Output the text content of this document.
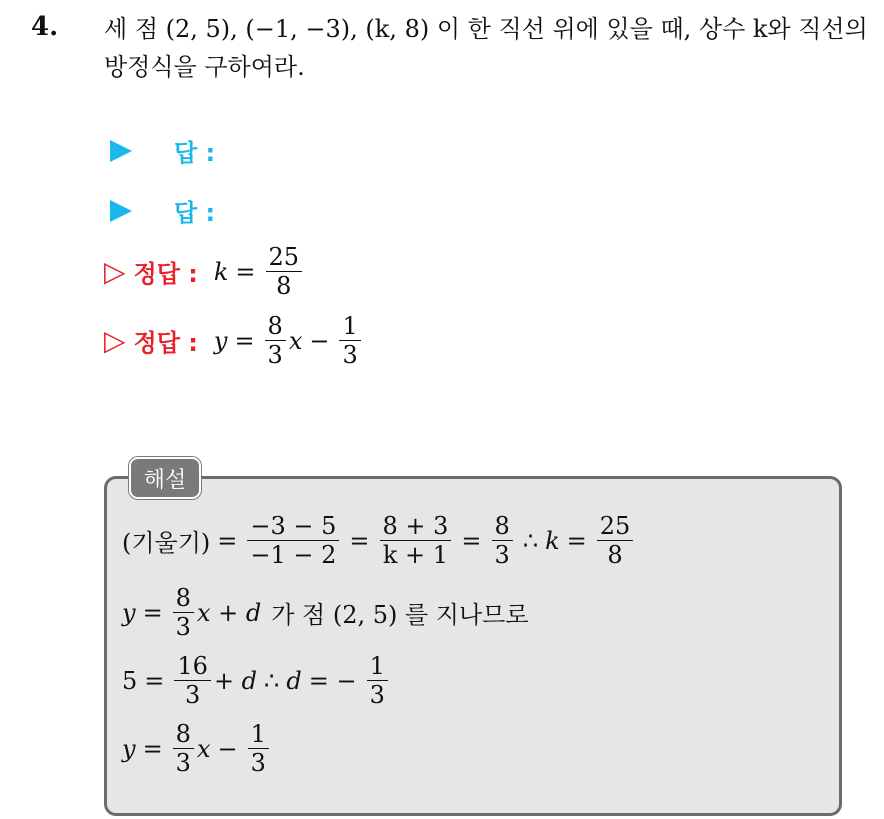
4. 세 점 (2, 5), (−1, −3), (k, 8) 이 한 직선 위에 있을 때, 상수 k와 직선의
방정식을 구하여라.
답 :
답 :
▷ 정답 : $k = \frac{25}{8}$
▷ 정답 : $y = \frac{8}{3}$ $x - \frac{1}{3}$
해설
(기울기) = $\frac{-3 - 5}{-1 - 2} = \frac{8 + 3}{k + 1} = \frac{8}{3}$ ∴ $k = \frac{25}{8}$
$y = \frac{8}{3}$ x + d 가 점 (2, 5) 를 지나므로
$5 = \frac{16}{3} + d$ ∴ d = − $\frac{1}{3}$
$y = \frac{8}{3}$ $x - \frac{1}{3}$
